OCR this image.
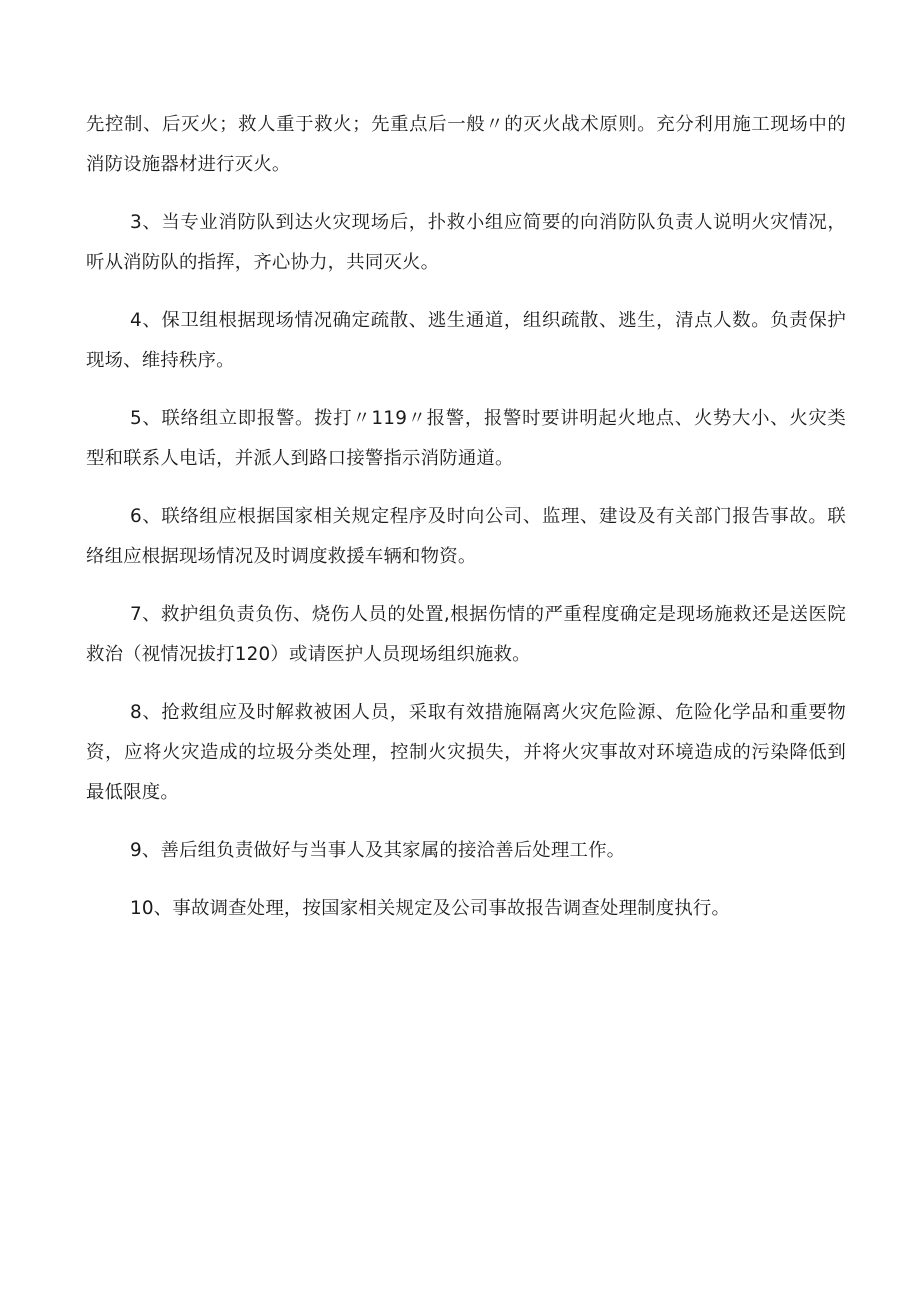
先控制、后灭火；救人重于救火；先重点后一般〃的灭火战术原则。充分利用施工现场中的消防设施器材进行灭火。

3、当专业消防队到达火灾现场后，扑救小组应简要的向消防队负责人说明火灾情况，听从消防队的指挥，齐心协力，共同灭火。

4、保卫组根据现场情况确定疏散、逃生通道，组织疏散、逃生，清点人数。负责保护现场、维持秩序。

5、联络组立即报警。拨打〃119〃报警，报警时要讲明起火地点、火势大小、火灾类型和联系人电话，并派人到路口接警指示消防通道。

6、联络组应根据国家相关规定程序及时向公司、监理、建设及有关部门报告事故。联络组应根据现场情况及时调度救援车辆和物资。

7、救护组负责负伤、烧伤人员的处置,根据伤情的严重程度确定是现场施救还是送医院救治（视情况拔打120）或请医护人员现场组织施救。

8、抢救组应及时解救被困人员，采取有效措施隔离火灾危险源、危险化学品和重要物资，应将火灾造成的垃圾分类处理，控制火灾损失，并将火灾事故对环境造成的污染降低到最低限度。

9、善后组负责做好与当事人及其家属的接洽善后处理工作。

10、事故调查处理，按国家相关规定及公司事故报告调查处理制度执行。
